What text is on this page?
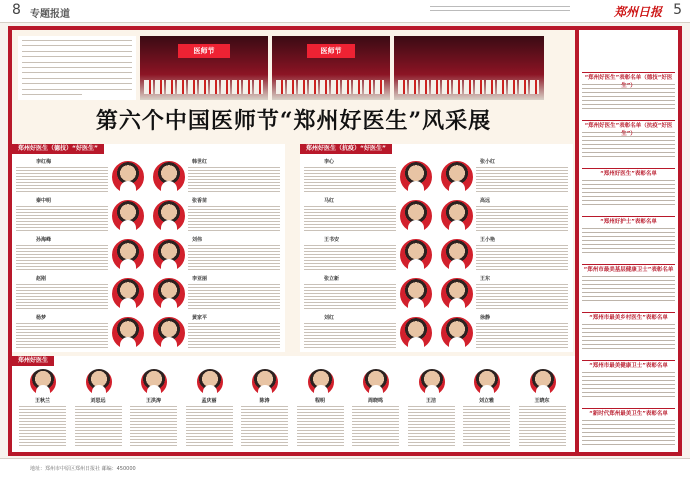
8 专题报道	郑州日报 5
医师节	医师节
第六个中国医师节“郑州好医生”风采展
郑州好医生（德技）“好医生”
李红梅	韩世红
秦中明	张香苗
孙海峰	刘伟
赵刚	李亚丽
杨梦	黄家平
郑州好医生（抗疫）“好医生”
李心	张小红
马红	高远
王书安	王小艳
张立新	王东
刘红	徐静
郑州好医生
王秋兰	刘思远	王洪涛	孟庆丽	陈涛	程明	周晓鸣	王洁	刘立雅	王晓东
“郑州好医生”表彰名单（德技“好医生”）
“郑州好医生”表彰名单（抗疫“好医生”）
“郑州好医生”表彰名单
“郑州好护士”表彰名单
“郑州市最美基层健康卫士”表彰名单
“郑州市最美乡村医生”表彰名单
“郑州市最美健康卫士”表彰名单
“新时代郑州最美卫生”表彰名单
地址：郑州市中原区郑州日报社 邮编：450000
